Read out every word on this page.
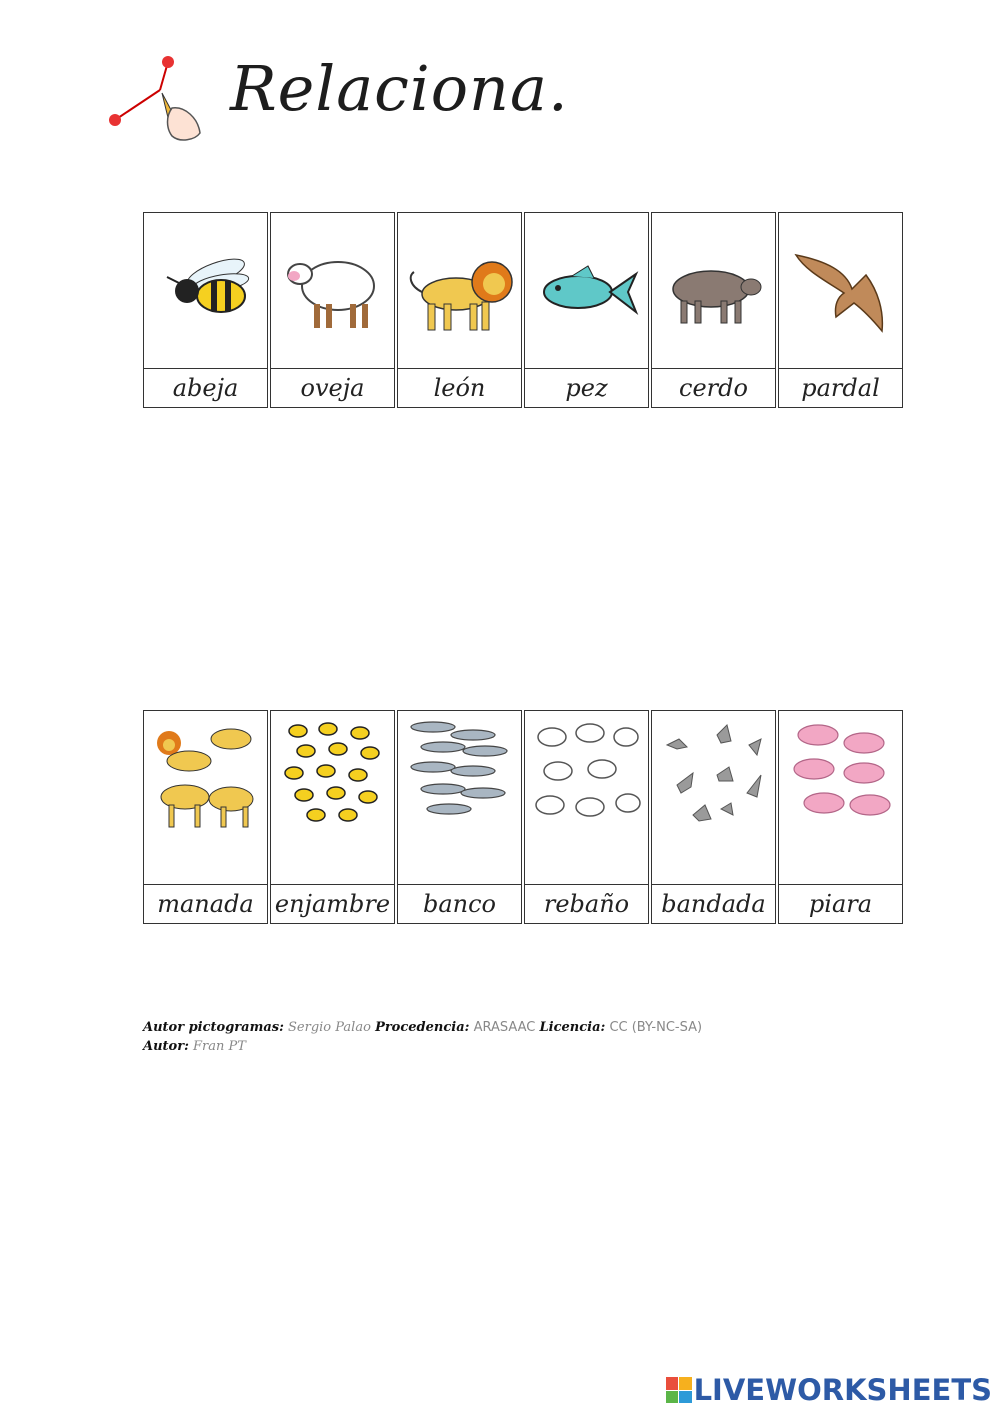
Relaciona.
abeja	oveja	león	pez	cerdo	pardal
manada enjambre	banco	rebaño	bandada	piara
Autor pictogramas: Sergio Palao Procedencia: ARASAAC Licencia: CC (BY-NC-SA)
Autor: Fran PT
LIVEWORKSHEETS
